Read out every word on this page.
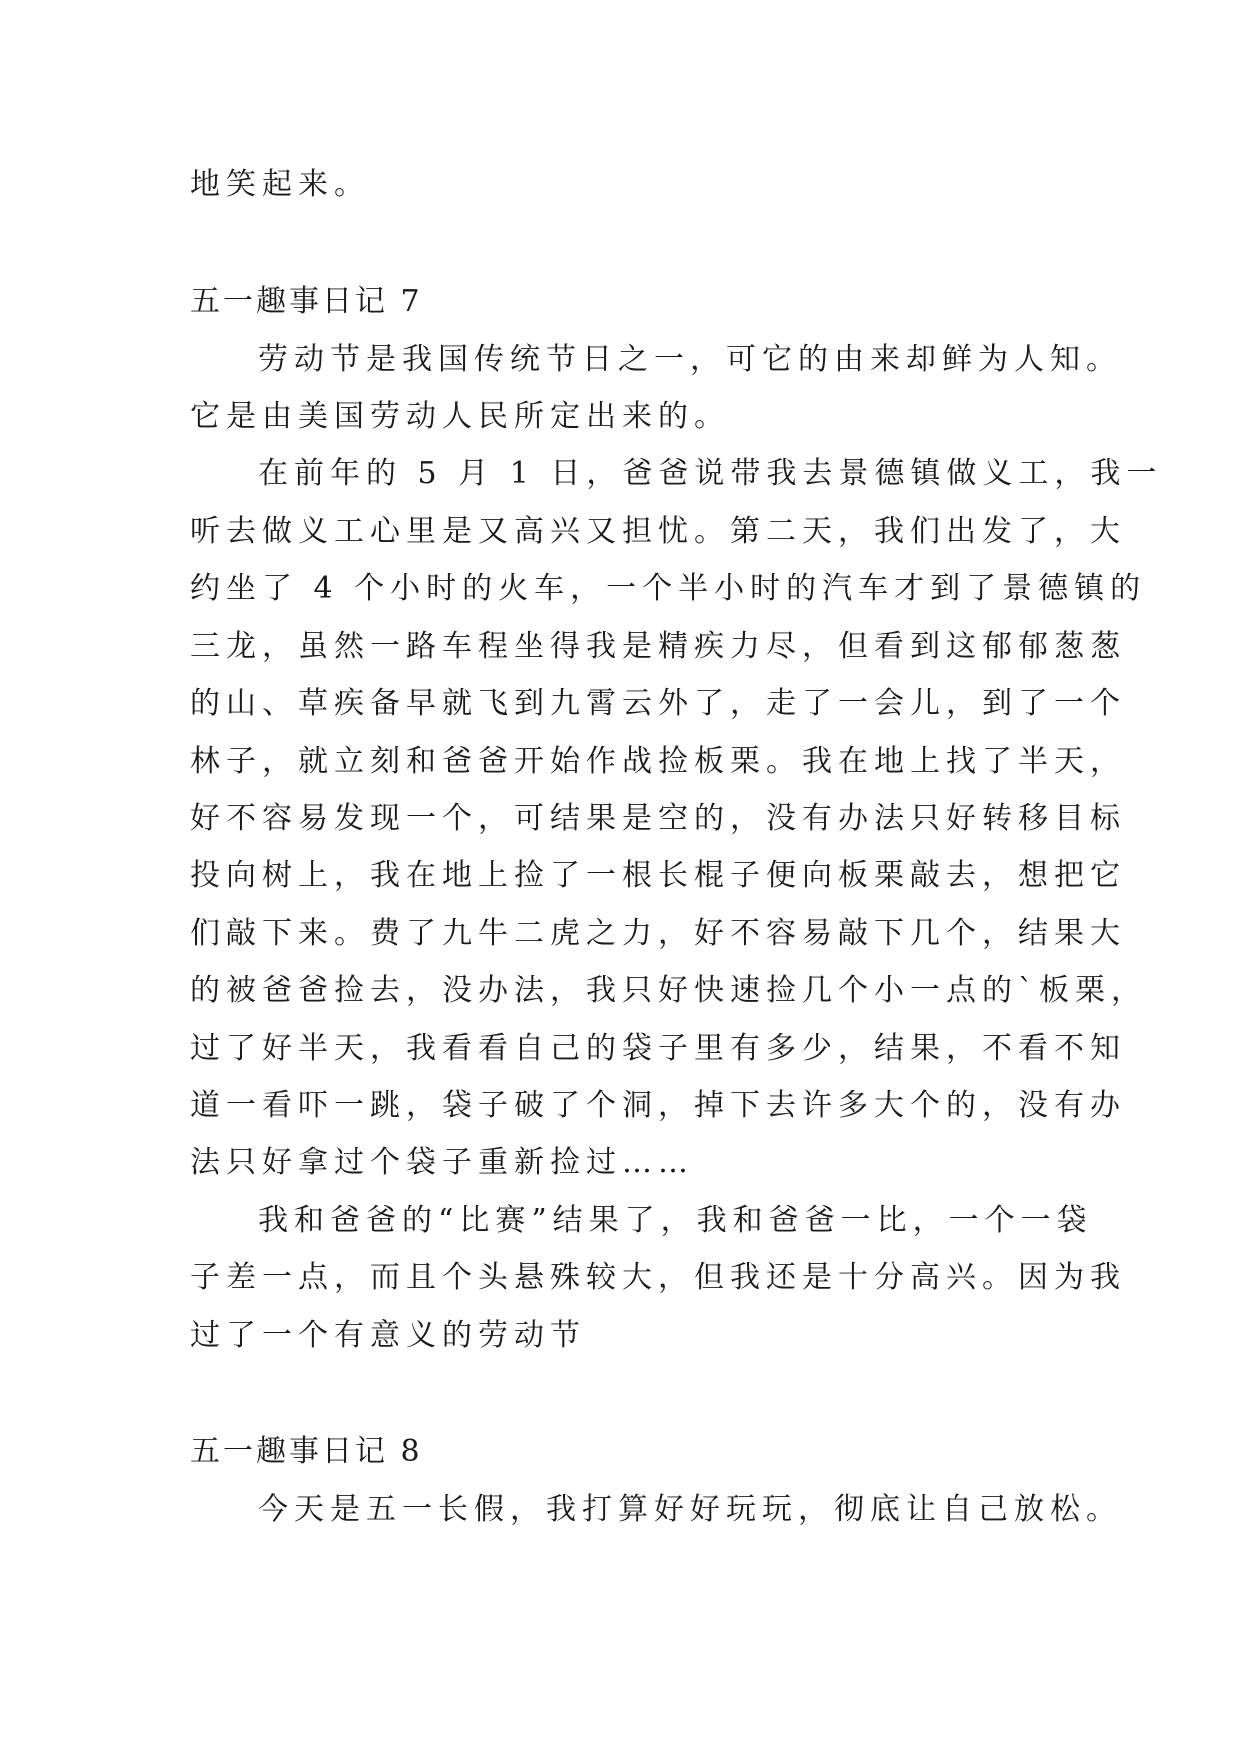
地笑起来。
五一趣事日记 7
劳动节是我国传统节日之一，可它的由来却鲜为人知。
它是由美国劳动人民所定出来的。
在前年的 5 月 1 日，爸爸说带我去景德镇做义工，我一
听去做义工心里是又高兴又担忧。第二天，我们出发了，大
约坐了 4 个小时的火车，一个半小时的汽车才到了景德镇的
三龙，虽然一路车程坐得我是精疾力尽，但看到这郁郁葱葱
的山、草疾备早就飞到九霄云外了，走了一会儿，到了一个
林子，就立刻和爸爸开始作战捡板栗。我在地上找了半天，
好不容易发现一个，可结果是空的，没有办法只好转移目标
投向树上，我在地上捡了一根长棍子便向板栗敲去，想把它
们敲下来。费了九牛二虎之力，好不容易敲下几个，结果大
的被爸爸捡去，没办法，我只好快速捡几个小一点的`板栗，
过了好半天，我看看自己的袋子里有多少，结果，不看不知
道一看吓一跳，袋子破了个洞，掉下去许多大个的，没有办
法只好拿过个袋子重新捡过……
我和爸爸的“比赛”结果了，我和爸爸一比，一个一袋
子差一点，而且个头悬殊较大，但我还是十分高兴。因为我
过了一个有意义的劳动节
五一趣事日记 8
今天是五一长假，我打算好好玩玩，彻底让自己放松。
